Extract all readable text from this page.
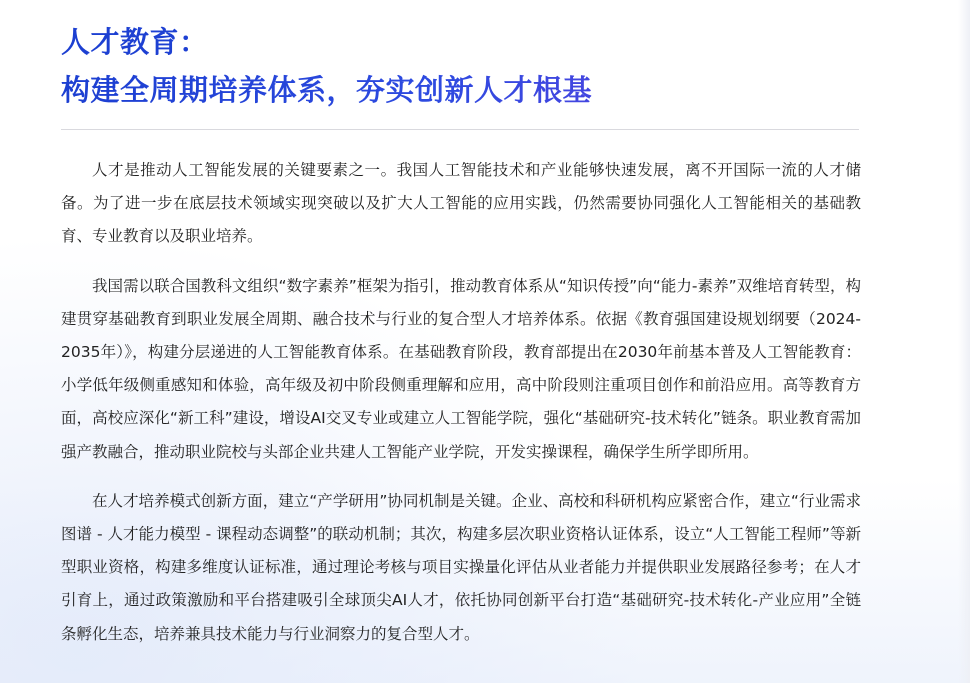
人才教育：
构建全周期培养体系，夯实创新人才根基

人才是推动人工智能发展的关键要素之一。我国人工智能技术和产业能够快速发展，离不开国际一流的人才储备。为了进一步在底层技术领域实现突破以及扩大人工智能的应用实践，仍然需要协同强化人工智能相关的基础教育、专业教育以及职业培养。

我国需以联合国教科文组织“数字素养”框架为指引，推动教育体系从“知识传授”向“能力-素养”双维培育转型，构建贯穿基础教育到职业发展全周期、融合技术与行业的复合型人才培养体系。依据《教育强国建设规划纲要（2024-2035年）》，构建分层递进的人工智能教育体系。在基础教育阶段，教育部提出在2030年前基本普及人工智能教育：小学低年级侧重感知和体验，高年级及初中阶段侧重理解和应用，高中阶段则注重项目创作和前沿应用。高等教育方面，高校应深化“新工科”建设，增设AI交叉专业或建立人工智能学院，强化“基础研究-技术转化”链条。职业教育需加强产教融合，推动职业院校与头部企业共建人工智能产业学院，开发实操课程，确保学生所学即所用。

在人才培养模式创新方面，建立“产学研用”协同机制是关键。企业、高校和科研机构应紧密合作，建立“行业需求图谱 - 人才能力模型 - 课程动态调整”的联动机制；其次，构建多层次职业资格认证体系，设立“人工智能工程师”等新型职业资格，构建多维度认证标准，通过理论考核与项目实操量化评估从业者能力并提供职业发展路径参考；在人才引育上，通过政策激励和平台搭建吸引全球顶尖AI人才，依托协同创新平台打造“基础研究-技术转化-产业应用”全链条孵化生态，培养兼具技术能力与行业洞察力的复合型人才。
